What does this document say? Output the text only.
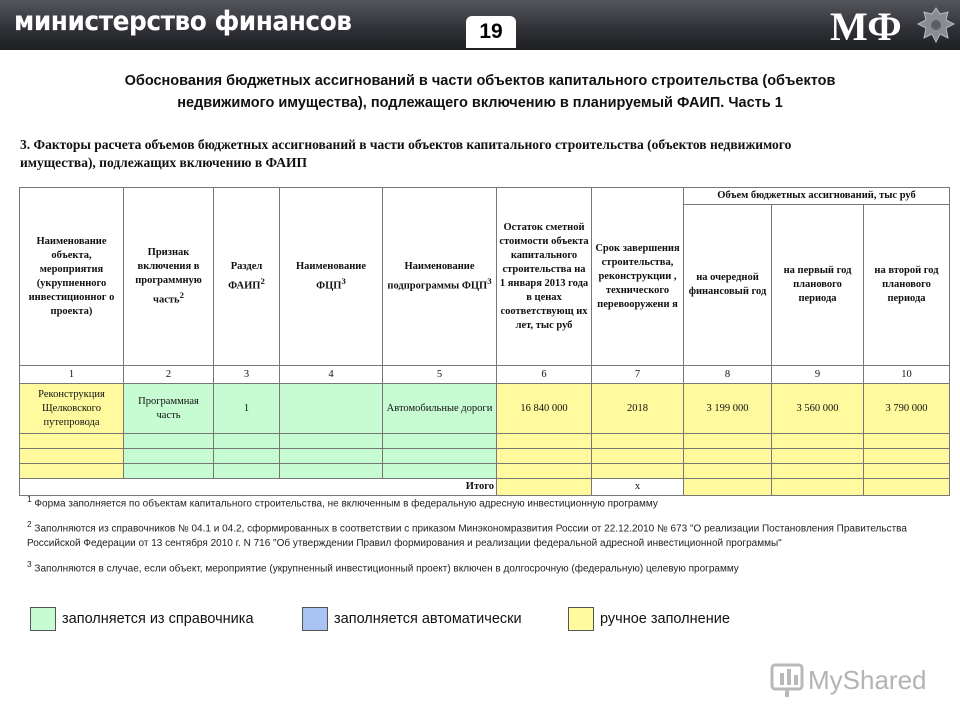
министерство финансов	19	МФ
Обоснования бюджетных ассигнований в части объектов капитального строительства (объектов
недвижимого имущества), подлежащего включению в планируемый ФАИП. Часть 1
3. Факторы расчета объемов бюджетных ассигнований в части объектов капитального строительства (объектов недвижимого
имущества), подлежащих включению в ФАИП
Наименование объекта, мероприятия (укрупненного инвестиционног о проекта)	Признак включения в программную часть$^2$	Раздел ФАИП$^2$	Наименование ФЦП$^3$	Наименование подпрограммы ФЦП$^3$	Остаток сметной стоимости объекта капитального строительства на 1 января 2013 года в ценах соответствующ их лет, тыс руб	Срок завершения строительства, реконструкции , технического перевооружени я	Объем бюджетных ассигнований, тыс руб		
							на очередной финансовый год	на первый год планового периода	на второй год планового периода
1	2	3	4	5	6	7	8	9	10
Реконструкция Щелковского путепровода	Программная часть	1		Автомобильные дороги	16 840 000	2018	3 199 000	3 560 000	3 790 000

Итого						х			

$^1$ Форма заполняется по объектам капитального строительства, не включенным в федеральную адресную инвестиционную программу

$^2$ Заполняются из справочников № 04.1 и 04.2, сформированных в соответствии с приказом Минэкономразвития России от 22.12.2010 № 673 "О реализации Постановления Правительства Российской Федерации от 13 сентября 2010 г. N 716 "Об утверждении Правил формирования и реализации федеральной адресной инвестиционной программы"

$^3$ Заполняются в случае, если объект, мероприятие (укрупненный инвестиционный проект) включен в долгосрочную (федеральную) целевую программу

заполняется из справочника	заполняется автоматически	ручное заполнение
MyShared
